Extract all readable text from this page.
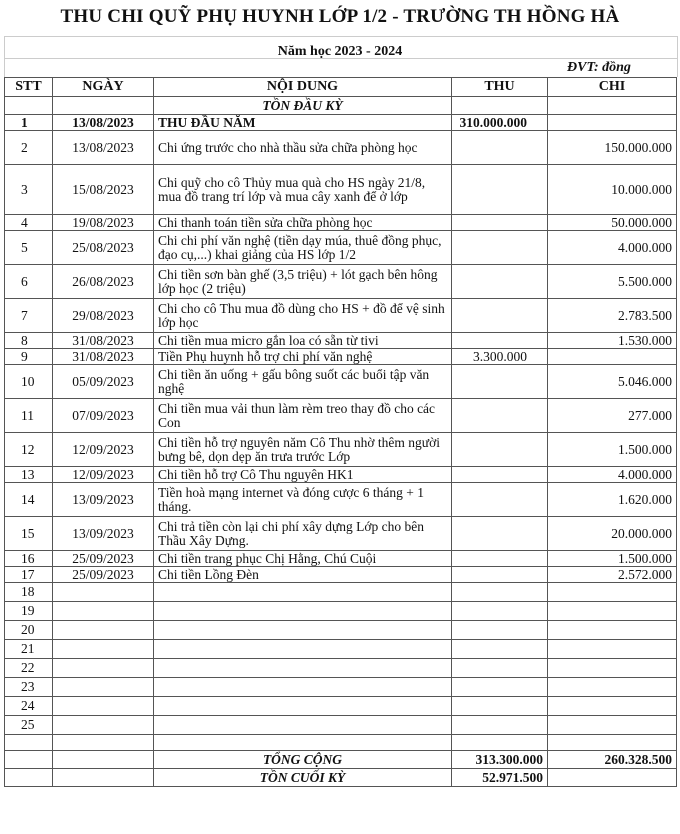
THU CHI QUỸ PHỤ HUYNH LỚP 1/2 - TRƯỜNG TH HỒNG HÀ
Năm học 2023 - 2024
ĐVT: đồng
STT	NGÀY	NỘI DUNG	THU	CHI
		TỒN ĐẦU KỲ		
1	13/08/2023	THU ĐẦU NĂM	310.000.000	
2	13/08/2023	Chi ứng trước cho nhà thầu sửa chữa phòng học		150.000.000
3	15/08/2023	Chi quỹ cho cô Thủy mua quà cho HS ngày 21/8, mua đồ trang trí lớp và mua cây xanh để ở lớp		10.000.000
4	19/08/2023	Chi thanh toán tiền sửa chữa phòng học		50.000.000
5	25/08/2023	Chi chi phí văn nghệ (tiền dạy múa, thuê đồng phục, đạo cụ,...) khai giảng của HS lớp 1/2		4.000.000
6	26/08/2023	Chi tiền sơn bàn ghế (3,5 triệu) + lót gạch bên hông lớp học (2 triệu)		5.500.000
7	29/08/2023	Chi cho cô Thu mua đồ dùng cho HS + đồ để vệ sinh lớp học		2.783.500
8	31/08/2023	Chi tiền mua micro gắn loa có sẵn từ tivi		1.530.000
9	31/08/2023	Tiền Phụ huynh hỗ trợ chi phí văn nghệ	3.300.000	
10	05/09/2023	Chi tiền ăn uống + gấu bông suốt các buổi tập văn nghệ		5.046.000
11	07/09/2023	Chi tiền mua vải thun làm rèm treo thay đồ cho các Con		277.000
12	12/09/2023	Chi tiền hỗ trợ nguyên năm Cô Thu nhờ thêm người bưng bê, dọn dẹp ăn trưa trước Lớp		1.500.000
13	12/09/2023	Chi tiền hỗ trợ Cô Thu nguyên HK1		4.000.000
14	13/09/2023	Tiền hoà mạng internet và đóng cược 6 tháng + 1 tháng.		1.620.000
15	13/09/2023	Chi trả tiền còn lại chi phí xây dựng Lớp cho bên Thầu Xây Dựng.		20.000.000
16	25/09/2023	Chi tiền trang phục Chị Hằng, Chú Cuội		1.500.000
17	25/09/2023	Chi tiền Lồng Đèn		2.572.000
18				
19				
20				
21				
22				
23				
24				
25				

		TỔNG CỘNG	313.300.000	260.328.500
		TỒN CUỐI KỲ	52.971.500	
